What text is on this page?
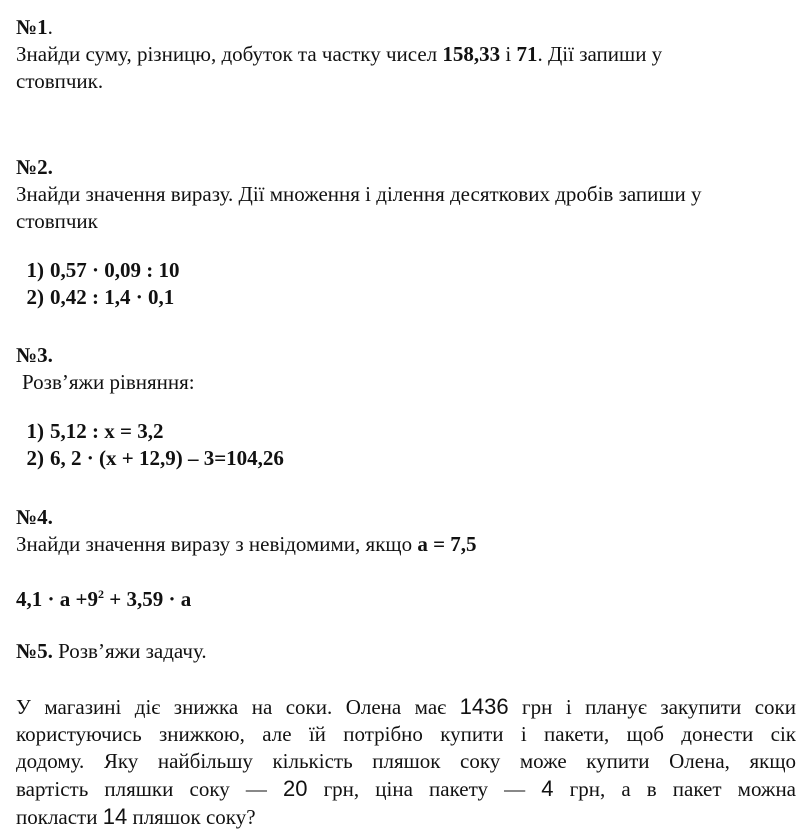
№1.
Знайди суму, різницю, добуток та частку чисел 158,33 і 71. Дії запиши у
стовпчик.
№2.
Знайди значення виразу. Дії множення і ділення десяткових дробів запиши у
стовпчик
1) 0,57 · 0,09 : 10
2) 0,42 : 1,4 · 0,1
№3.
Розв’яжи рівняння:
1) 5,12 : x = 3,2
2) 6, 2 · (x + 12,9) – 3=104,26
№4.
Знайди значення виразу з невідомими, якщо a = 7,5
$4,1 \cdot a +9^2 + 3,59 \cdot a$
№5. Розв’яжи задачу.
У магазині діє знижка на соки. Олена має 1436 грн і планує закупити соки
користуючись знижкою, але їй потрібно купити і пакети, щоб донести сік
додому. Яку найбільшу кількість пляшок соку може купити Олена, якщо
вартість пляшки соку — 20 грн, ціна пакету — 4 грн, а в пакет можна
покласти 14 пляшок соку?
